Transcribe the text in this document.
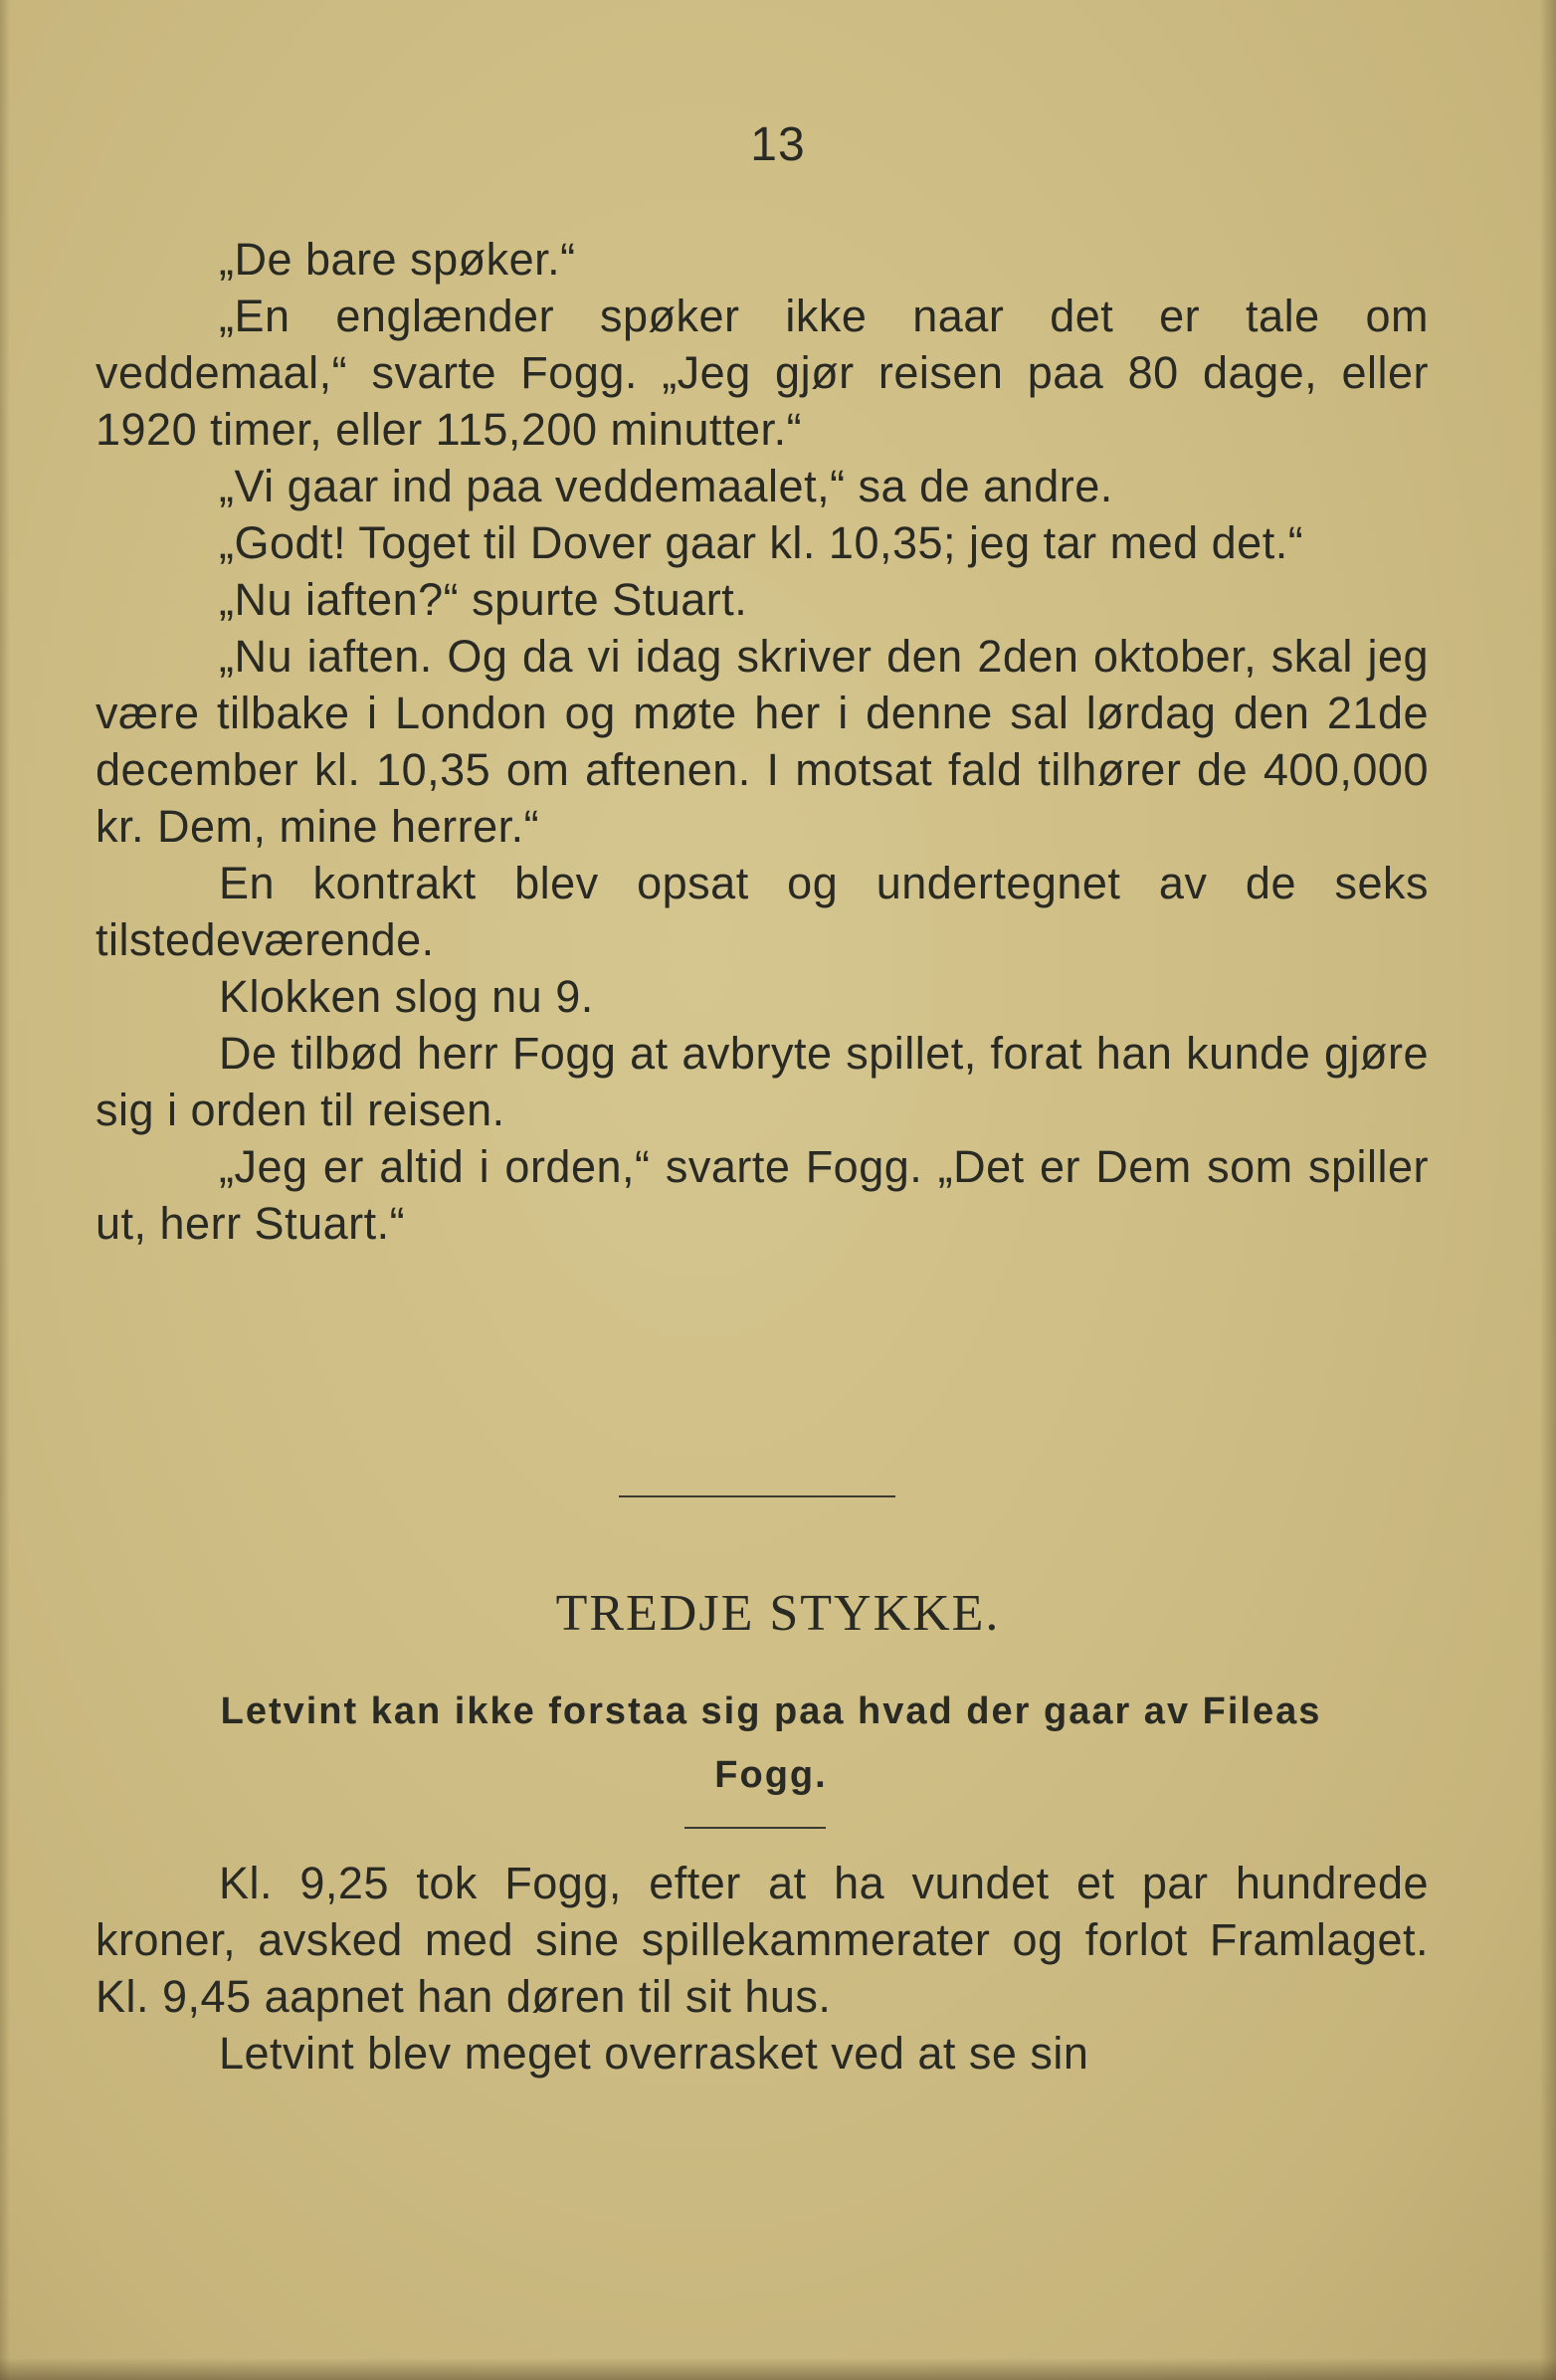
13

„De bare spøker.“

„En englænder spøker ikke naar det er tale om veddemaal,“ svarte Fogg. „Jeg gjør reisen paa 80 dage, eller 1920 timer, eller 115,200 minutter.“

„Vi gaar ind paa veddemaalet,“ sa de andre.

„Godt! Toget til Dover gaar kl. 10,35; jeg tar med det.“

„Nu iaften?“ spurte Stuart.

„Nu iaften. Og da vi idag skriver den 2den oktober, skal jeg være tilbake i London og møte her i denne sal lørdag den 21de december kl. 10,35 om aftenen. I motsat fald tilhører de 400,000 kr. Dem, mine herrer.“

En kontrakt blev opsat og undertegnet av de seks tilstedeværende.

Klokken slog nu 9.

De tilbød herr Fogg at avbryte spillet, forat han kunde gjøre sig i orden til reisen.

„Jeg er altid i orden,“ svarte Fogg. „Det er Dem som spiller ut, herr Stuart.“

TREDJE STYKKE.
Letvint kan ikke forstaa sig paa hvad der gaar av Fileas Fogg.

Kl. 9,25 tok Fogg, efter at ha vundet et par hundrede kroner, avsked med sine spillekammerater og forlot Framlaget. Kl. 9,45 aapnet han døren til sit hus.

Letvint blev meget overrasket ved at se sin
